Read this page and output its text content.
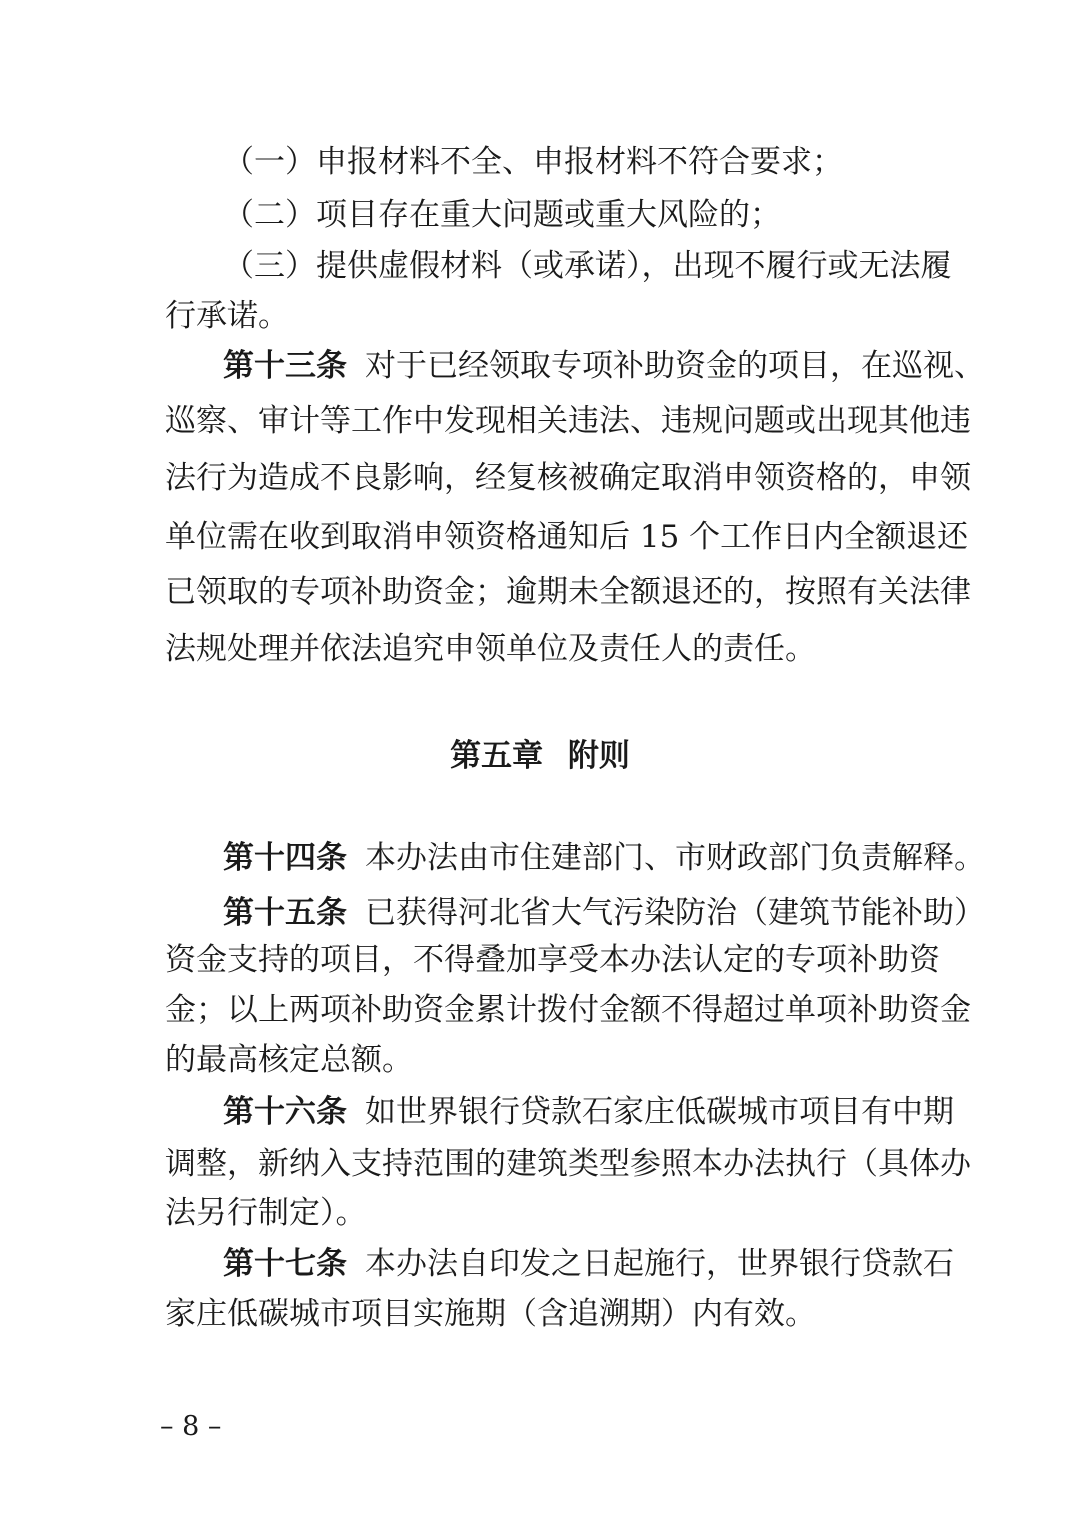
（一）申报材料不全、申报材料不符合要求；
（二）项目存在重大问题或重大风险的；
（三）提供虚假材料（或承诺），出现不履行或无法履
行承诺。
第十三条 对于已经领取专项补助资金的项目，在巡视、
巡察、审计等工作中发现相关违法、违规问题或出现其他违
法行为造成不良影响，经复核被确定取消申领资格的，申领
单位需在收到取消申领资格通知后 15 个工作日内全额退还
已领取的专项补助资金；逾期未全额退还的，按照有关法律
法规处理并依法追究申领单位及责任人的责任。
第五章 附则
第十四条 本办法由市住建部门、市财政部门负责解释。
第十五条 已获得河北省大气污染防治（建筑节能补助）
资金支持的项目，不得叠加享受本办法认定的专项补助资
金；以上两项补助资金累计拨付金额不得超过单项补助资金
的最高核定总额。
第十六条 如世界银行贷款石家庄低碳城市项目有中期
调整，新纳入支持范围的建筑类型参照本办法执行（具体办
法另行制定）。
第十七条 本办法自印发之日起施行，世界银行贷款石
家庄低碳城市项目实施期（含追溯期）内有效。
– 8 –
